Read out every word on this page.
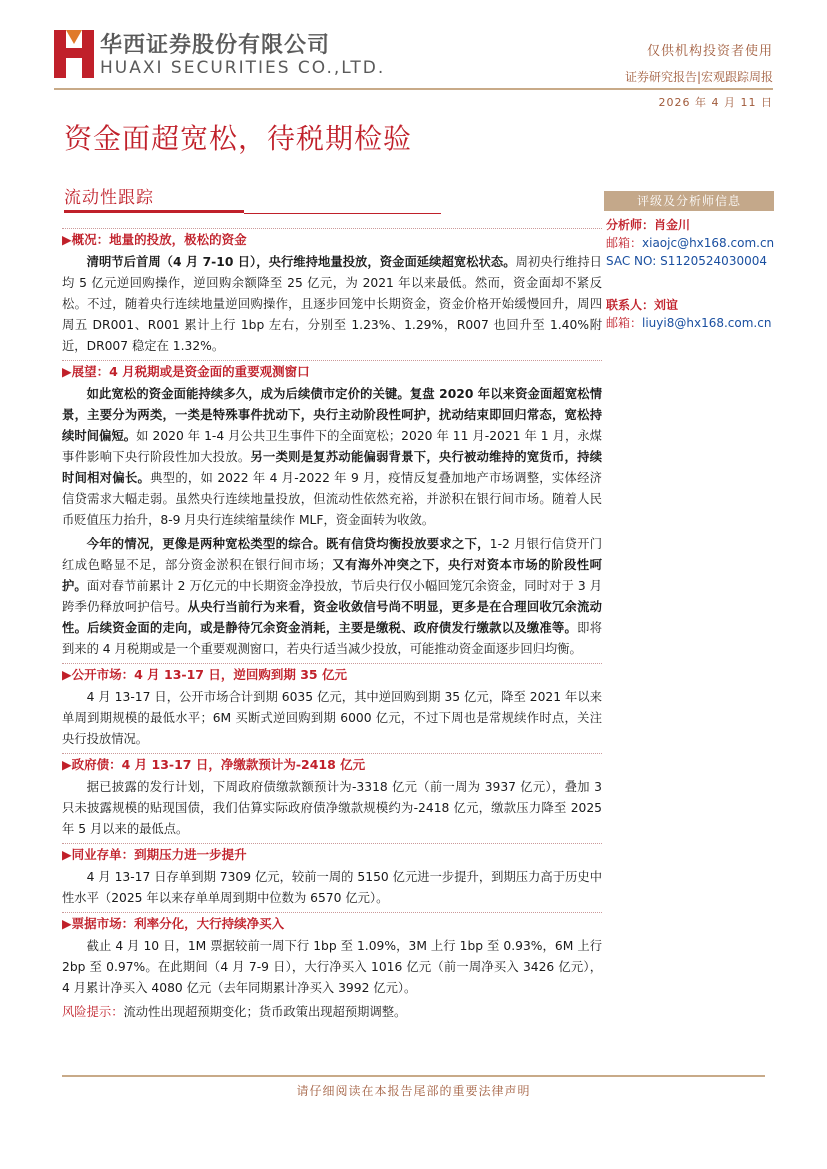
华西证券股份有限公司
HUAXI SECURITIES CO.,LTD.
仅供机构投资者使用
证券研究报告|宏观跟踪周报
2026 年 4 月 11 日
资金面超宽松，待税期检验
流动性跟踪	评级及分析师信息
分析师：肖金川
邮箱：xiaojc@hx168.com.cn
SAC NO: S1120524030004
联系人：刘谊
邮箱：liuyi8@hx168.com.cn
▶概况：地量的投放，极松的资金

清明节后首周（4 月 7-10 日），央行维持地量投放，资金面延续超宽松状态。周初央行维持日均 5 亿元逆回购操作，逆回购余额降至 25 亿元，为 2021 年以来最低。然而，资金面却不紧反松。不过，随着央行连续地量逆回购操作，且逐步回笼中长期资金，资金价格开始缓慢回升，周四周五 DR001、R001 累计上行 1bp 左右，分别至 1.23%、1.29%，R007 也回升至 1.40%附近，DR007 稳定在 1.32%。

▶展望：4 月税期或是资金面的重要观测窗口

如此宽松的资金面能持续多久，成为后续债市定价的关键。复盘 2020 年以来资金面超宽松情景，主要分为两类，一类是特殊事件扰动下，央行主动阶段性呵护，扰动结束即回归常态，宽松持续时间偏短。如 2020 年 1-4 月公共卫生事件下的全面宽松；2020 年 11 月-2021 年 1 月，永煤事件影响下央行阶段性加大投放。另一类则是复苏动能偏弱背景下，央行被动维持的宽货币，持续时间相对偏长。典型的，如 2022 年 4 月-2022 年 9 月，疫情反复叠加地产市场调整，实体经济信贷需求大幅走弱。虽然央行连续地量投放，但流动性依然充裕，并淤积在银行间市场。随着人民币贬值压力抬升，8-9 月央行连续缩量续作 MLF，资金面转为收敛。

今年的情况，更像是两种宽松类型的综合。既有信贷均衡投放要求之下，1-2 月银行信贷开门红成色略显不足，部分资金淤积在银行间市场；又有海外冲突之下，央行对资本市场的阶段性呵护。面对春节前累计 2 万亿元的中长期资金净投放，节后央行仅小幅回笼冗余资金，同时对于 3 月跨季仍释放呵护信号。从央行当前行为来看，资金收敛信号尚不明显，更多是在合理回收冗余流动性。后续资金面的走向，或是静待冗余资金消耗，主要是缴税、政府债发行缴款以及缴准等。即将到来的 4 月税期或是一个重要观测窗口，若央行适当减少投放，可能推动资金面逐步回归均衡。

▶公开市场：4 月 13-17 日，逆回购到期 35 亿元

4 月 13-17 日，公开市场合计到期 6035 亿元，其中逆回购到期 35 亿元，降至 2021 年以来单周到期规模的最低水平；6M 买断式逆回购到期 6000 亿元，不过下周也是常规续作时点，关注央行投放情况。

▶政府债：4 月 13-17 日，净缴款预计为-2418 亿元

据已披露的发行计划，下周政府债缴款额预计为-3318 亿元（前一周为 3937 亿元），叠加 3 只未披露规模的贴现国债，我们估算实际政府债净缴款规模约为-2418 亿元，缴款压力降至 2025 年 5 月以来的最低点。

▶同业存单：到期压力进一步提升

4 月 13-17 日存单到期 7309 亿元，较前一周的 5150 亿元进一步提升，到期压力高于历史中性水平（2025 年以来存单单周到期中位数为 6570 亿元）。

▶票据市场：利率分化，大行持续净买入

截止 4 月 10 日，1M 票据较前一周下行 1bp 至 1.09%，3M 上行 1bp 至 0.93%，6M 上行 2bp 至 0.97%。在此期间（4 月 7-9 日），大行净买入 1016 亿元（前一周净买入 3426 亿元），4 月累计净买入 4080 亿元（去年同期累计净买入 3992 亿元）。

风险提示：流动性出现超预期变化；货币政策出现超预期调整。
请仔细阅读在本报告尾部的重要法律声明
